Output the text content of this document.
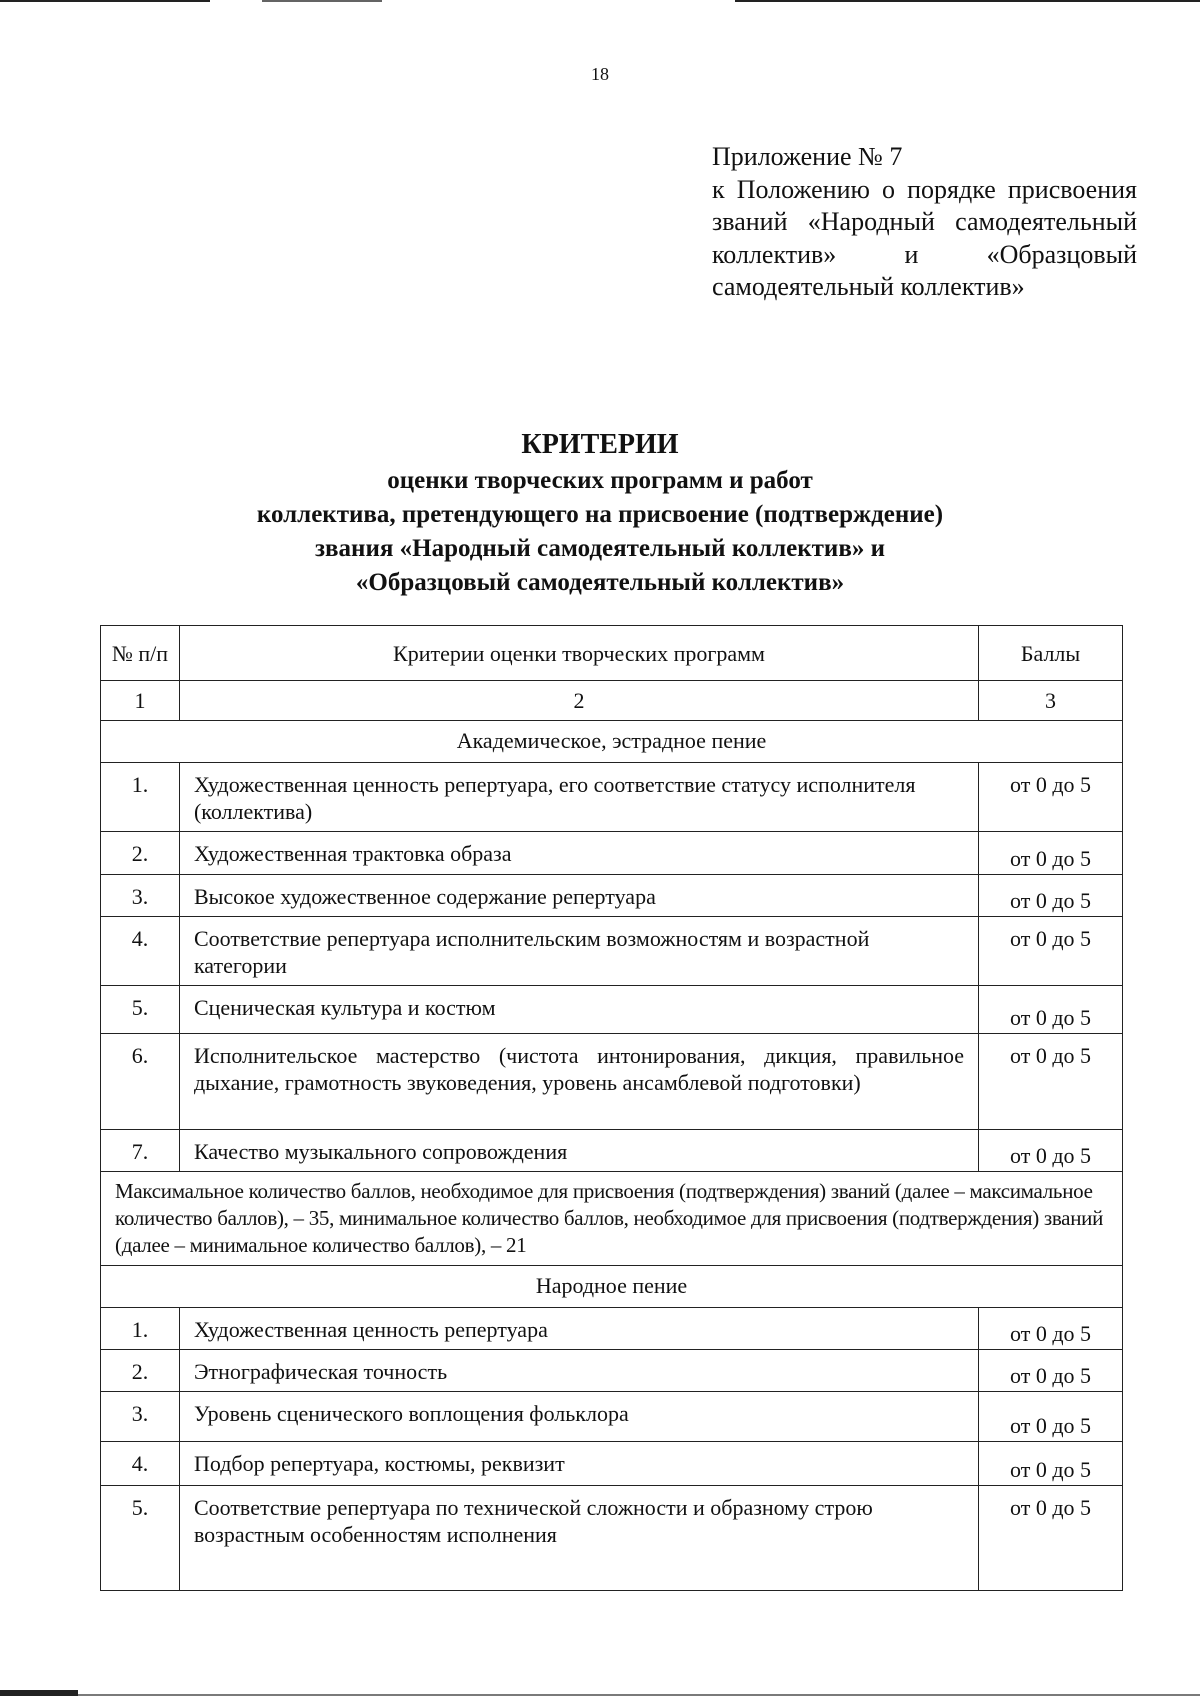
18
Приложение № 7
к Положению о порядке присвоения званий «Народный самодеятельный коллектив» и «Образцовый самодеятельный коллектив»
КРИТЕРИИ
оценки творческих программ и работ
коллектива, претендующего на присвоение (подтверждение)
звания «Народный самодеятельный коллектив» и
«Образцовый самодеятельный коллектив»
№ п/п	Критерии оценки творческих программ	Баллы
1	2	3
Академическое, эстрадное пение		
1.	Художественная ценность репертуара, его соответствие статусу исполнителя (коллектива)	от 0 до 5
2.	Художественная трактовка образа	от 0 до 5
3.	Высокое художественное содержание репертуара	от 0 до 5
4.	Соответствие репертуара исполнительским возможностям и возрастной категории	от 0 до 5
5.	Сценическая культура и костюм	от 0 до 5
6.	Исполнительское мастерство (чистота интонирования, дикция, правильное дыхание, грамотность звуковедения, уровень ансамблевой подготовки)	от 0 до 5
7.	Качество музыкального сопровождения	от 0 до 5
Максимальное количество баллов, необходимое для присвоения (подтверждения) званий (далее – максимальное количество баллов), – 35, минимальное количество баллов, необходимое для присвоения (подтверждения) званий (далее – минимальное количество баллов), – 21		
Народное пение		
1.	Художественная ценность репертуара	от 0 до 5
2.	Этнографическая точность	от 0 до 5
3.	Уровень сценического воплощения фольклора	от 0 до 5
4.	Подбор репертуара, костюмы, реквизит	от 0 до 5
5.	Соответствие репертуара по технической сложности и образному строю возрастным особенностям исполнения	от 0 до 5
